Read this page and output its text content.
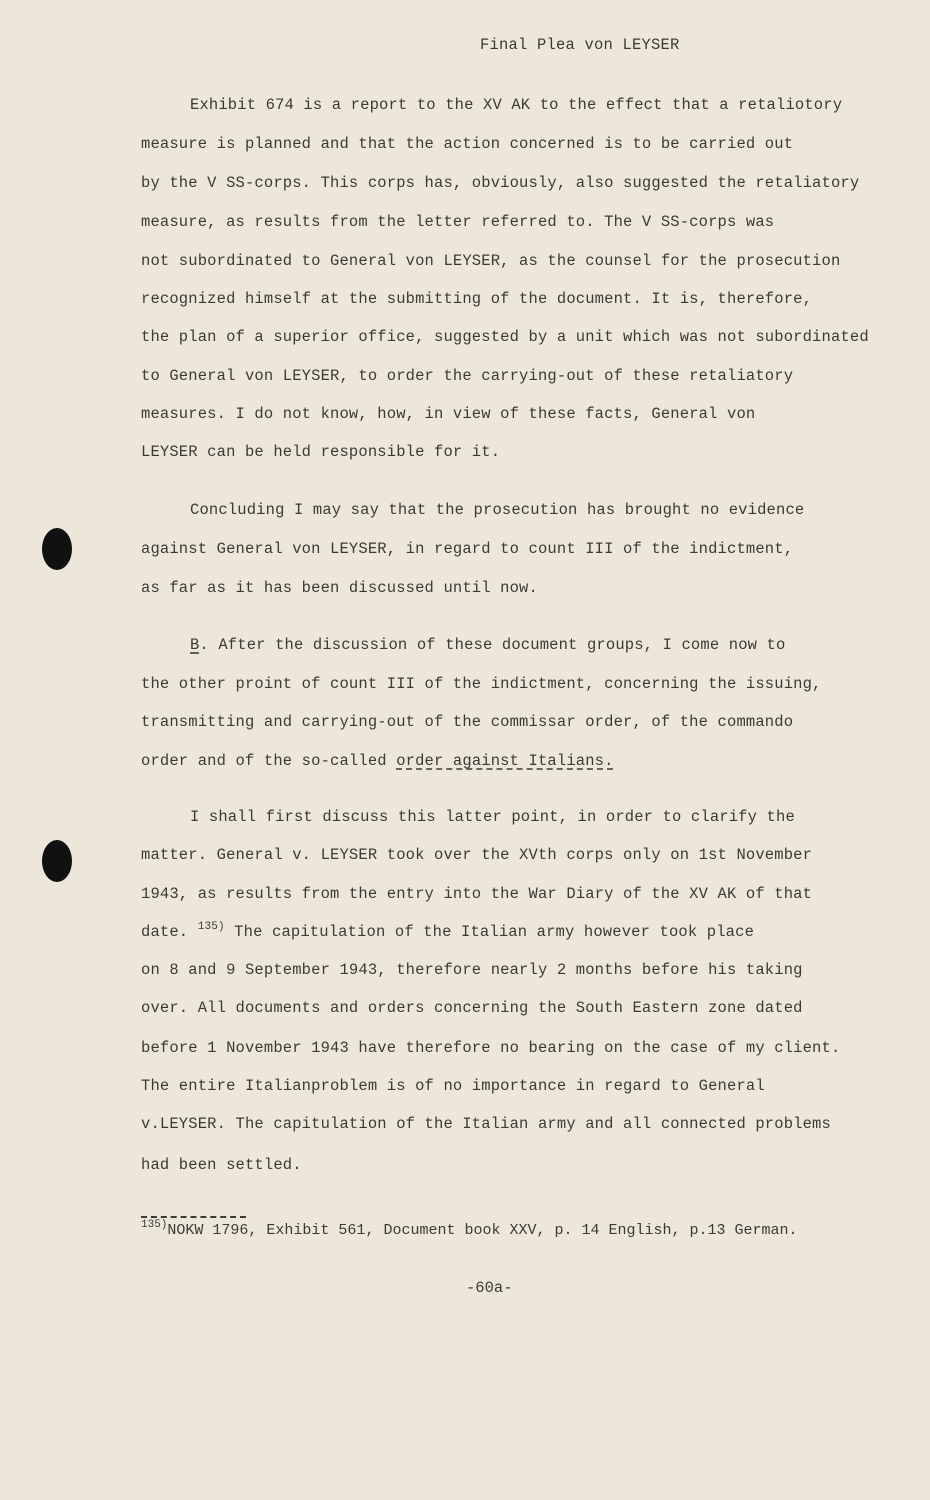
Final Plea von LEYSER
Exhibit 674 is a report to the XV AK to the effect that a retaliotory
measure is planned and that the action concerned is to be carried out
by the V SS-corps. This corps has, obviously, also suggested the retaliatory
measure, as results from the letter referred to. The V SS-corps was
not subordinated to General von LEYSER, as the counsel for the prosecution
recognized himself at the submitting of the document. It is, therefore,
the plan of a superior office, suggested by a unit which was not subordinated
to General von LEYSER, to order the carrying-out of these retaliatory
measures. I do not know, how, in view of these facts, General von
LEYSER can be held responsible for it.
Concluding I may say that the prosecution has brought no evidence
against General von LEYSER, in regard to count III of the indictment,
as far as it has been discussed until now.
B. After the discussion of these document groups, I come now to
the other proint of count III of the indictment, concerning the issuing,
transmitting and carrying-out of the commissar order, of the commando
order and of the so-called order against Italians.
I shall first discuss this latter point, in order to clarify the
matter. General v. LEYSER took over the XVth corps only on 1st November
1943, as results from the entry into the War Diary of the XV AK of that
date. $^{135)}$ The capitulation of the Italian army however took place
on 8 and 9 September 1943, therefore nearly 2 months before his taking
over. All documents and orders concerning the South Eastern zone dated
before 1 November 1943 have therefore no bearing on the case of my client.
The entire Italianproblem is of no importance in regard to General
v.LEYSER. The capitulation of the Italian army and all connected problems
had been settled.
$^{135)}$NOKW 1796, Exhibit 561, Document book XXV, p. 14 English, p.13 German.
-60a-
